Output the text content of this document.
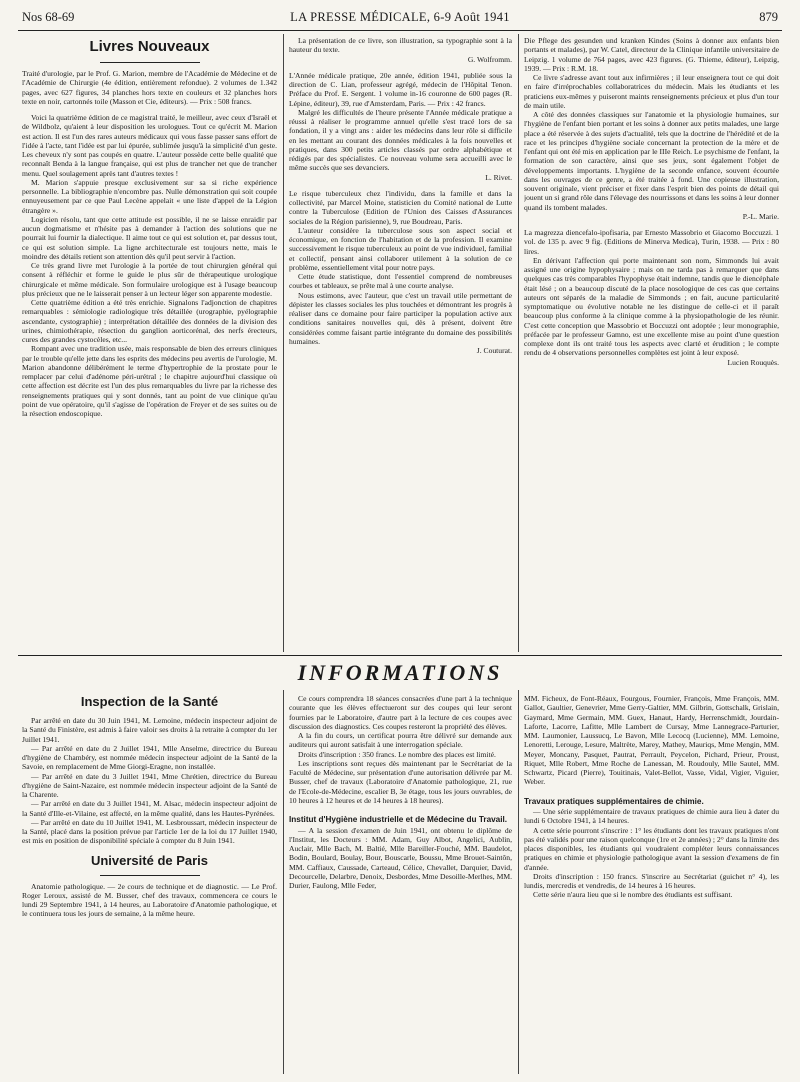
Nos 68-69	LA PRESSE MÉDICALE, 6-9 Août 1941	879
Livres Nouveaux

Traité d'urologie, par le Prof. G. Marion, membre de l'Académie de Médecine et de l'Académie de Chirurgie (4e édition, entièrement refondue). 2 volumes de 1.342 pages, avec 627 figures, 34 planches hors texte en couleurs et 32 planches hors texte en noir, cartonnés toile (Masson et Cie, éditeurs). — Prix : 508 francs.

Voici la quatrième édition de ce magistral traité, le meilleur, avec ceux d'Israël et de Wildbolz, qu'aient à leur disposition les urologues. Tout ce qu'écrit M. Marion est action. Il est l'un des rares auteurs médicaux qui vous fasse passer sans effort de l'idée à l'acte, tant l'idée est par lui épurée, sublimée jusqu'à la simplicité d'un geste. Les cheveux n'y sont pas coupés en quatre. L'auteur possède cette belle qualité que reconnaît Benda à la langue française, qui est plus de trancher net que de trancher menu. Quel soulagement après tant d'autres textes !

M. Marion s'appuie presque exclusivement sur sa si riche expérience personnelle. La bibliographie n'encombre pas. Nulle démonstration qui soit coupée ennuyeusement par ce que Paul Lecène appelait « une liste d'appel de la Légion étrangère ».

Logicien résolu, tant que cette attitude est possible, il ne se laisse enraidir par aucun dogmatisme et n'hésite pas à demander à l'action des solutions que ne pourrait lui fournir la dialectique. Il aime tout ce qui est solution et, par dessus tout, ce qui est solution simple. La ligne architecturale est toujours nette, mais le moindre des détails retient son attention dès qu'il peut servir à l'action.

Ce très grand livre met l'urologie à la portée de tout chirurgien général qui consent à réfléchir et forme le guide le plus sûr de thérapeutique urologique chirurgicale et même médicale. Son formulaire urologique est à l'usage beaucoup plus précieux que ne le laisserait penser à un lecteur léger son apparente modestie.

Cette quatrième édition a été très enrichie. Signalons l'adjonction de chapitres remarquables : sémiologie radiologique très détaillée (urographie, pyélographie ascendante, cystographie) ; interprétation détaillée des données de la division des urines, chimiothérapie, résection du ganglion aorticorénal, des nerfs érecteurs, cures des grandes cystocèles, etc...

Rompant avec une tradition usée, mais responsable de bien des erreurs cliniques par le trouble qu'elle jette dans les esprits des médecins peu avertis de l'urologie, M. Marion abandonne délibérément le terme d'hypertrophie de la prostate pour le remplacer par celui d'adénome péri-urétral ; le chapitre aujourd'hui classique où cette affection est décrite est l'un des plus remarquables du livre par la richesse des renseignements pratiques qui y sont donnés, tant au point de vue clinique qu'au point de vue opératoire, qu'il s'agisse de l'opération de Freyer et de ses suites ou de la résection endoscopique.

La présentation de ce livre, son illustration, sa typographie sont à la hauteur du texte.

G. Wolfromm.

L'Année médicale pratique, 20e année, édition 1941, publiée sous la direction de C. Lian, professeur agrégé, médecin de l'Hôpital Tenon. Préface du Prof. E. Sergent. 1 volume in-16 couronne de 600 pages (R. Lépine, éditeur), 39, rue d'Amsterdam, Paris. — Prix : 42 francs.

Malgré les difficultés de l'heure présente l'Année médicale pratique a réussi à réaliser le programme annuel qu'elle s'est tracé lors de sa fondation, il y a vingt ans : aider les médecins dans leur rôle si difficile en les mettant au courant des données médicales à la fois nouvelles et pratiques, dans 300 petits articles classés par ordre alphabétique et rédigés par des spécialistes. Ce nouveau volume sera accueilli avec le même succès que ses devanciers.

L. Rivet.

Le risque tuberculeux chez l'individu, dans la famille et dans la collectivité, par Marcel Moine, statisticien du Comité national de Lutte contre la Tuberculose (Edition de l'Union des Caisses d'Assurances sociales de la Région parisienne), 9, rue Boudreau, Paris.

L'auteur considère la tuberculose sous son aspect social et économique, en fonction de l'habitation et de la profession. Il examine successivement le risque tuberculeux au point de vue individuel, familial et collectif, pensant ainsi collaborer utilement à la solution de ce problème, essentiellement vital pour notre pays.

Cette étude statistique, dont l'essentiel comprend de nombreuses courbes et tableaux, se prête mal à une courte analyse.

Nous estimons, avec l'auteur, que c'est un travail utile permettant de dépister les classes sociales les plus touchées et démontrant les progrès à réaliser dans ce domaine pour faire participer la population active aux conditions sanitaires nouvelles qui, dès à présent, doivent être considérées comme faisant partie intégrante du domaine des possibilités humaines.

J. Couturat.

Die Pflege des gesunden und kranken Kindes (Soins à donner aux enfants bien portants et malades), par W. Catel, directeur de la Clinique infantile universitaire de Leipzig. 1 volume de 764 pages, avec 423 figures. (G. Thieme, éditeur), Leipzig, 1939. — Prix : R.M. 18.

Ce livre s'adresse avant tout aux infirmières ; il leur enseignera tout ce qui doit en faire d'irréprochables collaboratrices du médecin. Mais les étudiants et les praticiens eux-mêmes y puiseront maints renseignements précieux et plus d'un tour de main utile.

A côté des données classiques sur l'anatomie et la physiologie humaines, sur l'hygiène de l'enfant bien portant et les soins à donner aux petits malades, une large place a été réservée à des sujets d'actualité, tels que la doctrine de l'hérédité et de la race et les principes d'hygiène sociale concernant la protection de la mère et de l'enfant qui ont été mis en application par le IIIe Reich. Le psychisme de l'enfant, la formation de son caractère, ainsi que ses jeux, sont également l'objet de développements importants. L'hygiène de la seconde enfance, souvent écourtée dans les ouvrages de ce genre, a été traitée à fond. Une copieuse illustration, souvent originale, vient préciser et fixer dans l'esprit bien des points de détail qui jouent un si grand rôle dans l'élevage des nourrissons et dans les soins à leur donner quand ils tombent malades.

P.-L. Marie.

La magrezza diencefalo-ipofisaria, par Ernesto Massobrio et Giacomo Boccuzzi. 1 vol. de 135 p. avec 9 fig. (Editions de Minerva Medica), Turin, 1938. — Prix : 80 lires.

En dérivant l'affection qui porte maintenant son nom, Simmonds lui avait assigné une origine hypophysaire ; mais on ne tarda pas à remarquer que dans quelques cas très comparables l'hypophyse était indemne, tandis que le diencéphale était lésé ; on a beaucoup discuté de la place nosologique de ces cas que certains auteurs ont séparés de la maladie de Simmonds ; en fait, aucune particularité symptomatique ou évolutive notable ne les distingue de celle-ci et il paraît beaucoup plus conforme à la clinique comme à la physiopathologie de les réunir. C'est cette conception que Massobrio et Boccuzzi ont adoptée ; leur monographie, préfacée par le professeur Gamno, est une excellente mise au point d'une question complexe dont ils ont traité tous les aspects avec clarté et érudition ; le compte rendu de 4 observations personnelles complètes est joint à leur exposé.

Lucien Rouquès.

INFORMATIONS
Inspection de la Santé

Par arrêté en date du 30 Juin 1941, M. Lemoine, médecin inspecteur adjoint de la Santé du Finistère, est admis à faire valoir ses droits à la retraite à compter du 1er Juillet 1941.

— Par arrêté en date du 2 Juillet 1941, Mlle Anselme, directrice du Bureau d'hygiène de Chambéry, est nommée médecin inspecteur adjoint de la Santé de la Savoie, en remplacement de Mme Giorgi-Eragne, non installée.

— Par arrêté en date du 3 Juillet 1941, Mme Chrétien, directrice du Bureau d'hygiène de Saint-Nazaire, est nommée médecin inspecteur adjoint de la Santé de la Charente.

— Par arrêté en date du 3 Juillet 1941, M. Alsac, médecin inspecteur adjoint de la Santé d'Ille-et-Vilaine, est affecté, en la même qualité, dans les Hautes-Pyrénées.

— Par arrêté en date du 10 Juillet 1941, M. Lesbroussart, médecin inspecteur de la Santé, placé dans la position prévue par l'article 1er de la loi du 17 Juillet 1940, est mis en position de disponibilité spéciale à compter du 8 Juin 1941.

Université de Paris

Anatomie pathologique. — 2e cours de technique et de diagnostic. — Le Prof. Roger Leroux, assisté de M. Busser, chef des travaux, commencera ce cours le lundi 29 Septembre 1941, à 14 heures, au Laboratoire d'Anatomie pathologique, et le continuera tous les jours de semaine, à la même heure.

Ce cours comprendra 18 séances consacrées d'une part à la technique courante que les élèves effectueront sur des coupes qui leur seront fournies par le Laboratoire, d'autre part à la lecture de ces coupes avec discussion des diagnostics. Ces coupes resteront la propriété des élèves.

A la fin du cours, un certificat pourra être délivré sur demande aux auditeurs qui auront satisfait à une interrogation spéciale.

Droits d'inscription : 350 francs. Le nombre des places est limité.

Les inscriptions sont reçues dès maintenant par le Secrétariat de la Faculté de Médecine, sur présentation d'une autorisation délivrée par M. Busser, chef de travaux (Laboratoire d'Anatomie pathologique, 21, rue de l'Ecole-de-Médecine, escalier B, 3e étage, tous les jours ouvrables, de 10 heures à 12 heures et de 14 heures à 18 heures).

Institut d'Hygiène industrielle et de Médecine du Travail.

— A la session d'examen de Juin 1941, ont obtenu le diplôme de l'Institut, les Docteurs : MM. Adam, Guy Albot, Angelici, Aublin, Auclair, Mlle Bach, M. Baltié, Mlle Bareiller-Fouché, MM. Baudelot, Bodin, Boulard, Boulay, Bour, Bouscarle, Boussu, Mme Brouet-Saintôn, MM. Caffiaux, Caussade, Carteaud, Célice, Chevallet, Darquier, David, Decourcelle, Delarbre, Denoix, Desbordes, Mme Desoille-Merlhes, MM. Durier, Faulong, Mlle Feder,

MM. Ficheux, de Font-Réaux, Fourgous, Fournier, François, Mme François, MM. Gallot, Gaultier, Genevrier, Mme Gerry-Galtier, MM. Gilbrin, Gottschalk, Grislain, Gaymard, Mme Germain, MM. Guex, Hanaut, Hardy, Herrenschmidt, Jourdain-Laforte, Lacorre, Lafitte, Mlle Lambert de Cursay, Mme Lannegrace-Parturier, MM. Laumonier, Laussucq, Le Bavon, Mlle Lecocq (Lucienne), MM. Lemoine, Lenoretti, Lerouge, Lesure, Maltrète, Marey, Mathey, Mauriqs, Mme Mengin, MM. Meyer, Moncany, Pasquet, Pautrat, Perrault, Peycelon, Pichard, Prieur, Proust, Riquet, Mlle Robert, Mme Roche de Lanessan, M. Roudouly, Mlle Sautel, MM. Schwartz, Picard (Pierre), Touitinais, Valet-Bellot, Vasse, Vidal, Vigier, Viguier, Weber.

Travaux pratiques supplémentaires de chimie.

— Une série supplémentaire de travaux pratiques de chimie aura lieu à dater du lundi 6 Octobre 1941, à 14 heures.

A cette série pourront s'inscrire : 1° les étudiants dont les travaux pratiques n'ont pas été validés pour une raison quelconque (1re et 2e années) ; 2° dans la limite des places disponibles, les étudiants qui voudraient compléter leurs connaissances pratiques en chimie et physiologie pathologique avant la session d'examens de fin d'année.

Droits d'inscription : 150 francs. S'inscrire au Secrétariat (guichet n° 4), les lundis, mercredis et vendredis, de 14 heures à 16 heures.

Cette série n'aura lieu que si le nombre des étudiants est suffisant.
